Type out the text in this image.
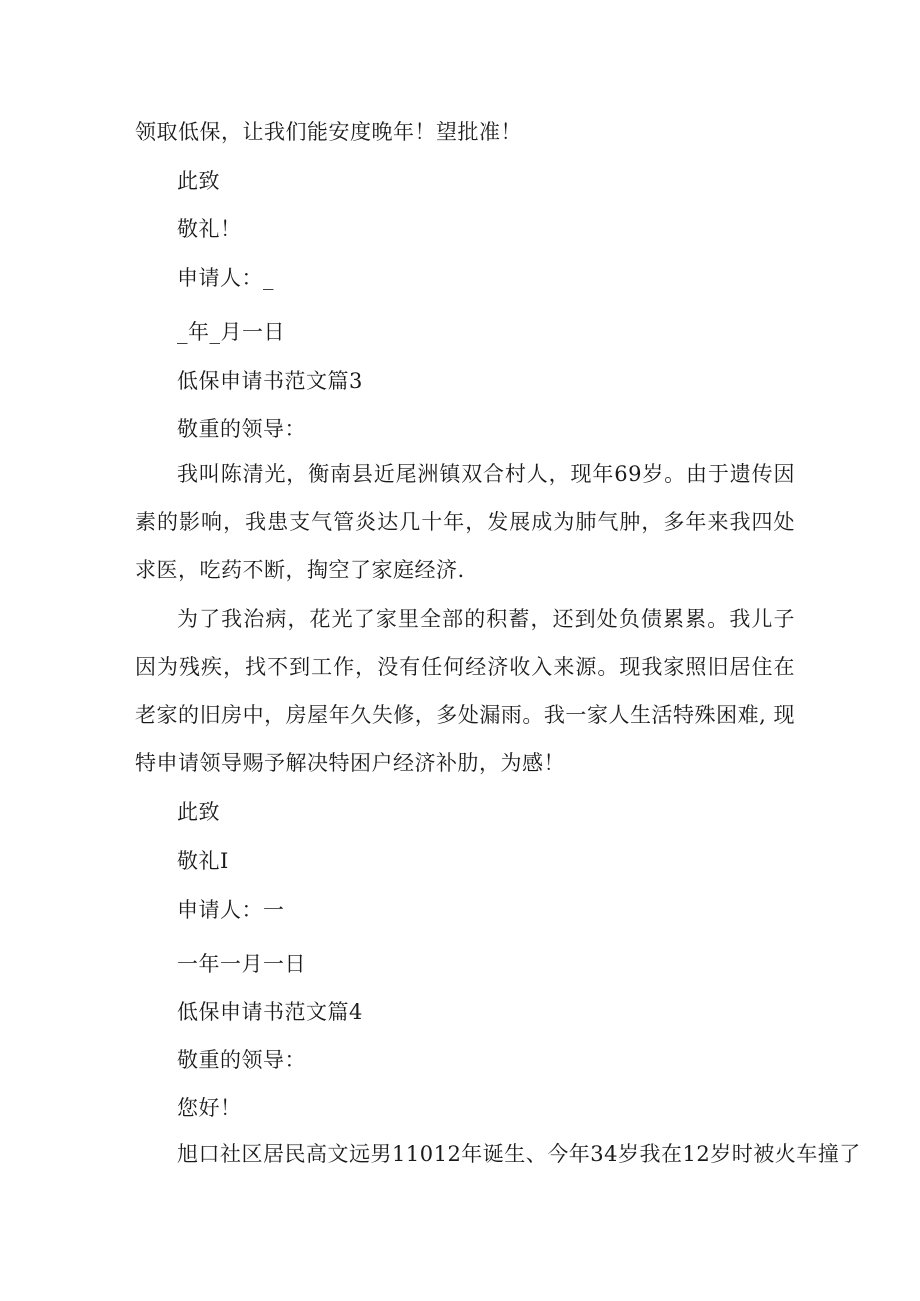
领取低保，让我们能安度晚年！望批准！
此致
敬礼！
申请人：_
_年_月一日
低保申请书范文篇3
敬重的领导：
我叫陈清光，衡南县近尾洲镇双合村人，现年69岁。由于遗传因素的影响，我患支气管炎达几十年，发展成为肺气肿，多年来我四处求医，吃药不断，掏空了家庭经济.
为了我治病，花光了家里全部的积蓄，还到处负债累累。我儿子因为残疾，找不到工作，没有任何经济收入来源。现我家照旧居住在老家的旧房中，房屋年久失修，多处漏雨。我一家人生活特殊困难, 现特申请领导赐予解决特困户经济补肋，为感！
此致
敬礼I
申请人：一
一年一月一日
低保申请书范文篇4
敬重的领导：
您好！
旭口社区居民高文远男11012年诞生、今年34岁我在12岁时被火车撞了
